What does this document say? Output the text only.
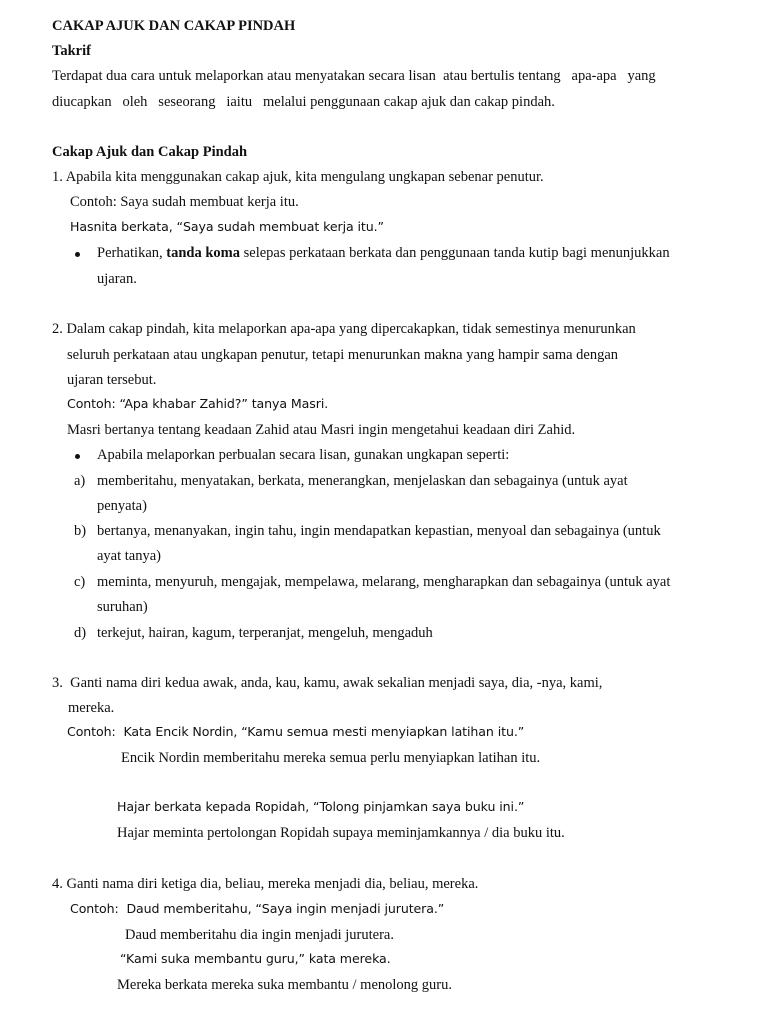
CAKAP AJUK DAN CAKAP PINDAH
Takrif
Terdapat dua cara untuk melaporkan atau menyatakan secara lisan  atau bertulis tentang   apa-apa   yang
diucapkan   oleh   seseorang   iaitu   melalui penggunaan cakap ajuk dan cakap pindah.
Cakap Ajuk dan Cakap Pindah
1. Apabila kita menggunakan cakap ajuk, kita mengulang ungkapan sebenar penutur.
Contoh: Saya sudah membuat kerja itu.
Hasnita berkata, “Saya sudah membuat kerja itu.”
Perhatikan, tanda koma selepas perkataan berkata dan penggunaan tanda kutip bagi menunjukkan
ujaran.
2. Dalam cakap pindah, kita melaporkan apa-apa yang dipercakapkan, tidak semestinya menurunkan
seluruh perkataan atau ungkapan penutur, tetapi menurunkan makna yang hampir sama dengan
ujaran tersebut.
Contoh: “Apa khabar Zahid?” tanya Masri.
Masri bertanya tentang keadaan Zahid atau Masri ingin mengetahui keadaan diri Zahid.
Apabila melaporkan perbualan secara lisan, gunakan ungkapan seperti:
a) memberitahu, menyatakan, berkata, menerangkan, menjelaskan dan sebagainya (untuk ayat
penyata)
b) bertanya, menanyakan, ingin tahu, ingin mendapatkan kepastian, menyoal dan sebagainya (untuk
ayat tanya)
c) meminta, menyuruh, mengajak, mempelawa, melarang, mengharapkan dan sebagainya (untuk ayat
suruhan)
d) terkejut, hairan, kagum, terperanjat, mengeluh, mengaduh
3.  Ganti nama diri kedua awak, anda, kau, kamu, awak sekalian menjadi saya, dia, -nya, kami,
mereka.
Contoh:  Kata Encik Nordin, “Kamu semua mesti menyiapkan latihan itu.”
Encik Nordin memberitahu mereka semua perlu menyiapkan latihan itu.
Hajar berkata kepada Ropidah, “Tolong pinjamkan saya buku ini.”
Hajar meminta pertolongan Ropidah supaya meminjamkannya / dia buku itu.
4. Ganti nama diri ketiga dia, beliau, mereka menjadi dia, beliau, mereka.
Contoh:  Daud memberitahu, “Saya ingin menjadi jurutera.”
Daud memberitahu dia ingin menjadi jurutera.
“Kami suka membantu guru,” kata mereka.
Mereka berkata mereka suka membantu / menolong guru.
